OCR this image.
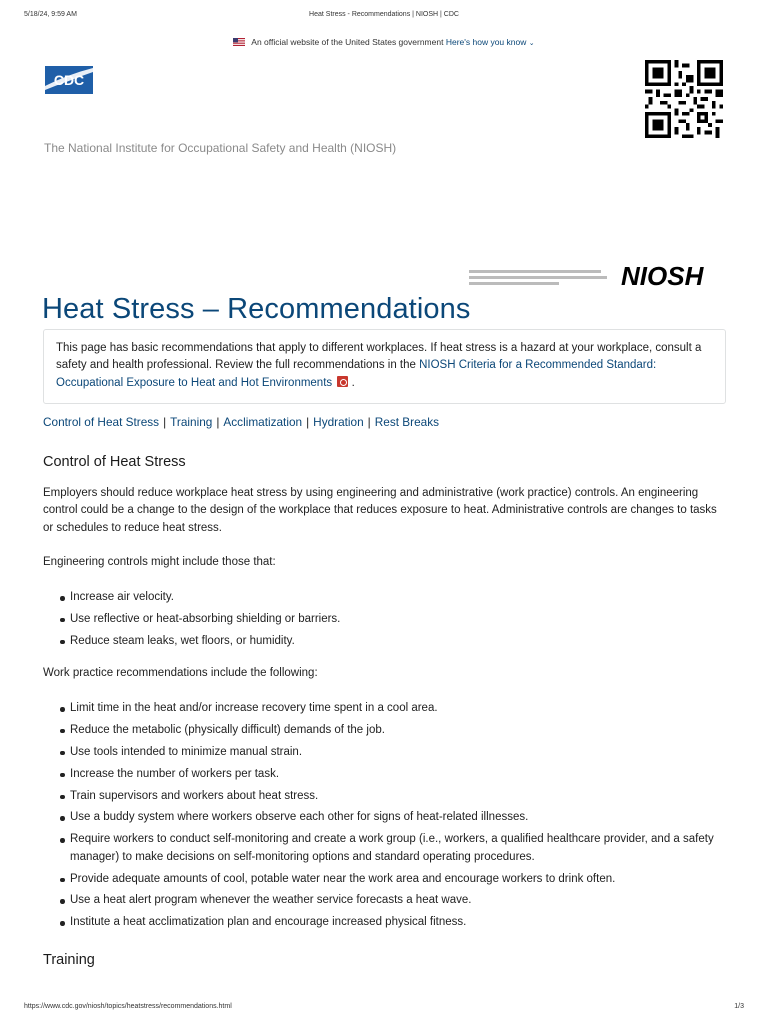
5/18/24, 9:59 AM	Heat Stress - Recommendations | NIOSH | CDC
An official website of the United States government Here's how you know ⌄
CDC
The National Institute for Occupational Safety and Health (NIOSH)
NIOSH
Heat Stress – Recommendations
This page has basic recommendations that apply to different workplaces. If heat stress is a hazard at your workplace, consult a safety and health professional. Review the full recommendations in the NIOSH Criteria for a Recommended Standard: Occupational Exposure to Heat and Hot Environments .
Control of Heat Stress | Training | Acclimatization | Hydration | Rest Breaks
Control of Heat Stress

Employers should reduce workplace heat stress by using engineering and administrative (work practice) controls. An engineering control could be a change to the design of the workplace that reduces exposure to heat. Administrative controls are changes to tasks or schedules to reduce heat stress.

Engineering controls might include those that:

Increase air velocity.
Use reflective or heat-absorbing shielding or barriers.
Reduce steam leaks, wet floors, or humidity.

Work practice recommendations include the following:

Limit time in the heat and/or increase recovery time spent in a cool area.
Reduce the metabolic (physically difficult) demands of the job.
Use tools intended to minimize manual strain.
Increase the number of workers per task.
Train supervisors and workers about heat stress.
Use a buddy system where workers observe each other for signs of heat-related illnesses.
Require workers to conduct self-monitoring and create a work group (i.e., workers, a qualified healthcare provider, and a safety manager) to make decisions on self-monitoring options and standard operating procedures.
Provide adequate amounts of cool, potable water near the work area and encourage workers to drink often.
Use a heat alert program whenever the weather service forecasts a heat wave.
Institute a heat acclimatization plan and encourage increased physical fitness.
Training
https://www.cdc.gov/niosh/topics/heatstress/recommendations.html	1/3
